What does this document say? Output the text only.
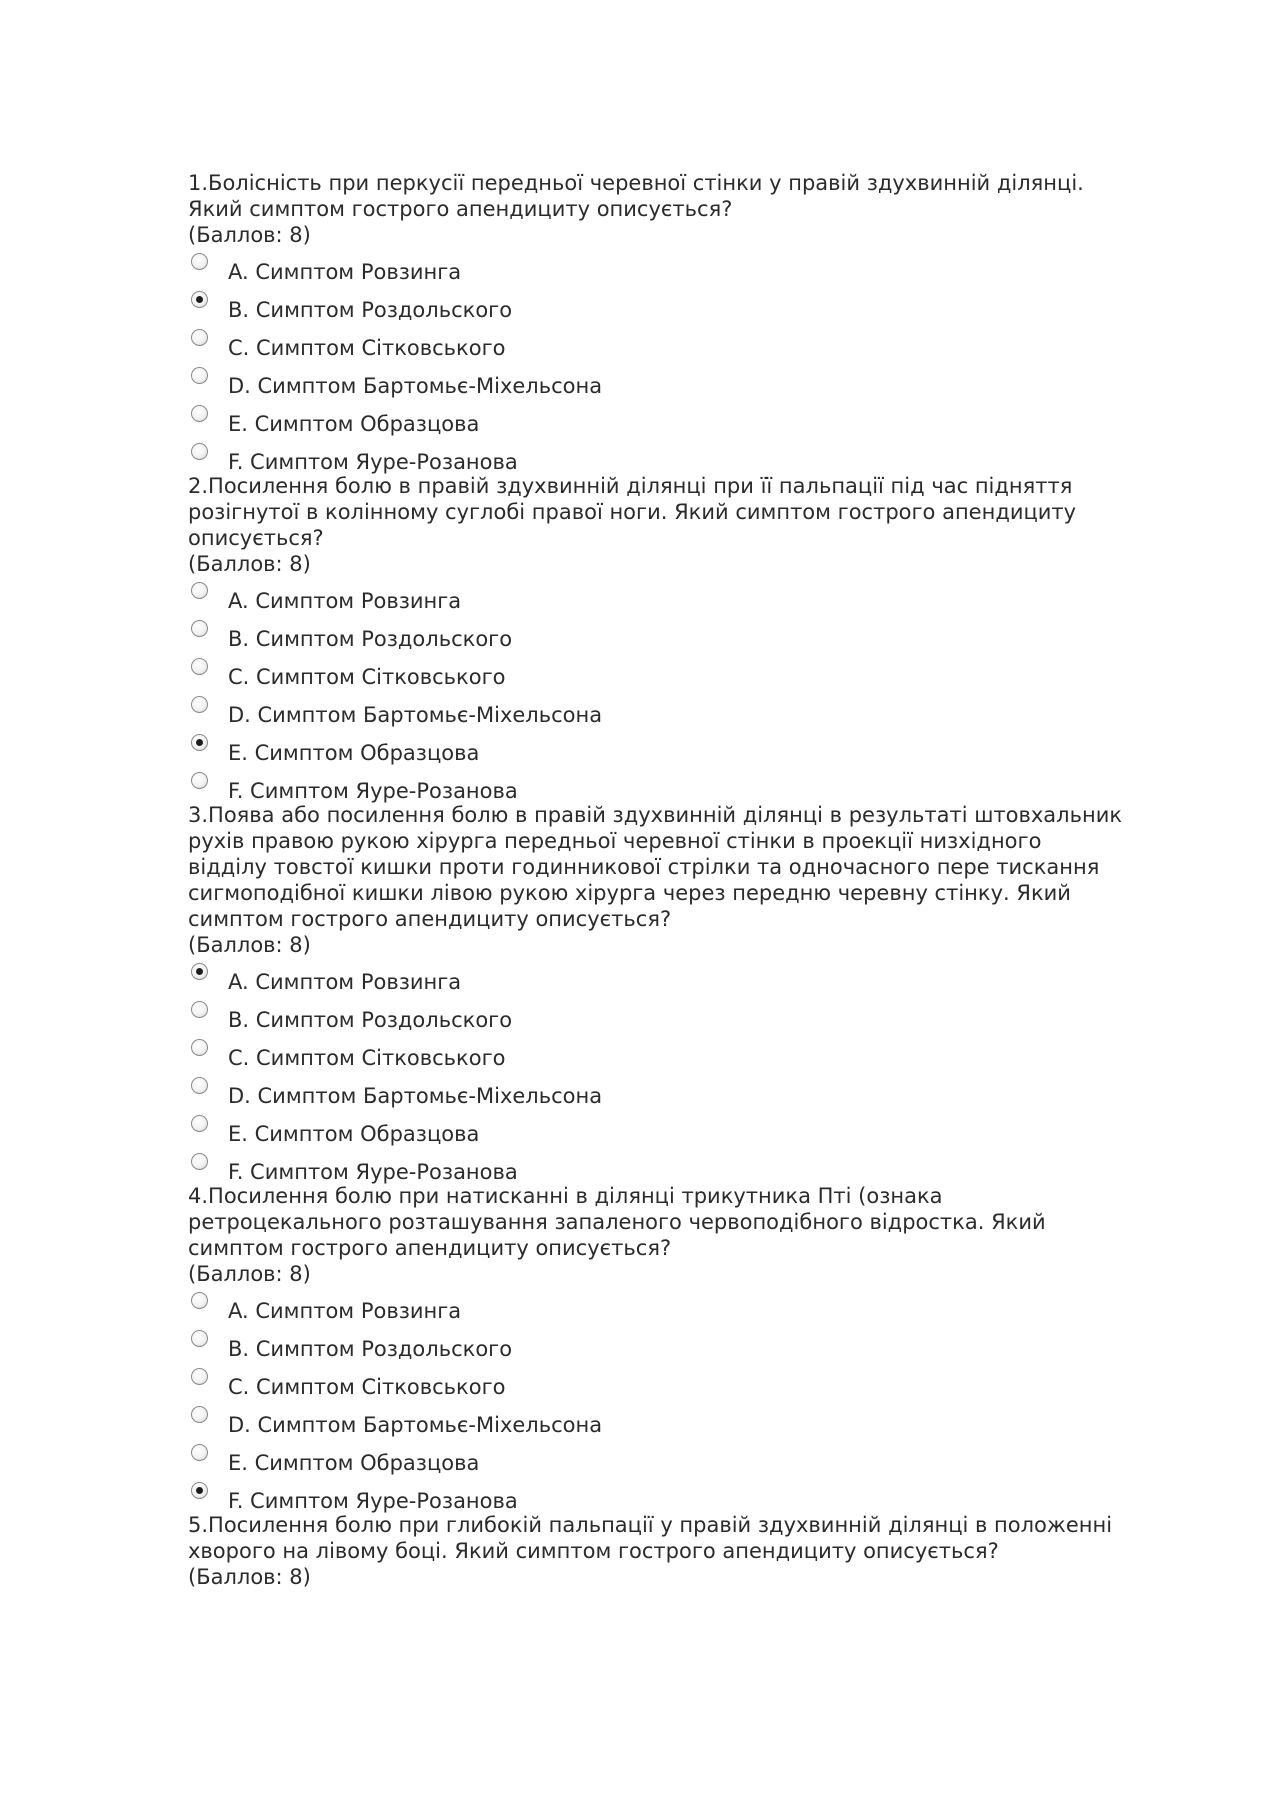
1.Болісність при перкусії передньої черевної стінки у правій здухвинній ділянці.
Який симптом гострого апендициту описується?

(Баллов: 8)

A. Симптом Ровзинга
B. Симптом Роздольского
C. Симптом Сітковського
D. Симптом Бартомьє-Міхельсона
E. Симптом Образцова
F. Симптом Яуре-Розанова

2.Посилення болю в правій здухвинній ділянці при її пальпації під час підняття
розігнутої в колінному суглобі правої ноги. Який симптом гострого апендициту
описується?

(Баллов: 8)

A. Симптом Ровзинга
B. Симптом Роздольского
C. Симптом Сітковського
D. Симптом Бартомьє-Міхельсона
E. Симптом Образцова
F. Симптом Яуре-Розанова

3.Поява або посилення болю в правій здухвинній ділянці в результаті штовхальник
рухів правою рукою хірурга передньої черевної стінки в проекції низхідного
відділу товстої кишки проти годинникової стрілки та одночасного пере тискання
сигмоподібної кишки лівою рукою хірурга через передню черевну стінку. Який
симптом гострого апендициту описується?

(Баллов: 8)

A. Симптом Ровзинга
B. Симптом Роздольского
C. Симптом Сітковського
D. Симптом Бартомьє-Міхельсона
E. Симптом Образцова
F. Симптом Яуре-Розанова

4.Посилення болю при натисканні в ділянці трикутника Пті (ознака
ретроцекального розташування запаленого червоподібного відростка. Який
симптом гострого апендициту описується?

(Баллов: 8)

A. Симптом Ровзинга
B. Симптом Роздольского
C. Симптом Сітковського
D. Симптом Бартомьє-Міхельсона
E. Симптом Образцова
F. Симптом Яуре-Розанова

5.Посилення болю при глибокій пальпації у правій здухвинній ділянці в положенні
хворого на лівому боці. Який симптом гострого апендициту описується?

(Баллов: 8)
